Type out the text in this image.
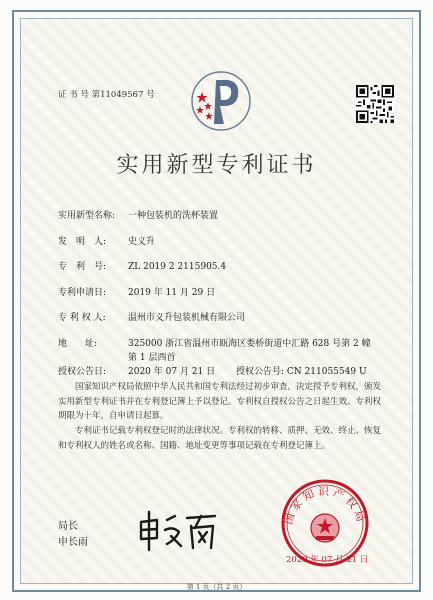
证 书 号 第11049567 号
实用新型专利证书
实用新型名称: 一种包装机的洗杯装置
发　明　人: 史义升
专　利　号: ZL 2019 2 2115905.4
专利申请日: 2019 年 11 月 29 日
专 利 权 人: 温州市义升包装机械有限公司
地　　址:	325000 浙江省温州市瓯海区娄桥街道中汇路 628 号第 2 幢
第 1 层西首
授权公告日: 2020 年 07 月 21 日 授权公告号: CN 211055549 U
国家知识产权局依照中华人民共和国专利法经过初步审查，决定授予专利权，颁发实用新型专利证书并在专利登记簿上予以登记。专利权自授权公告之日起生效。专利权期限为十年，自申请日起算。
专利证书记载专利权登记时的法律状况。专利权的转移、质押、无效、终止、恢复和专利权人的姓名或名称、国籍、地址变更等事项记载在专利登记簿上。
局长
申长雨
国家知识产权局
2020 年 07 月 21 日
第 1 页（共 2 页）
